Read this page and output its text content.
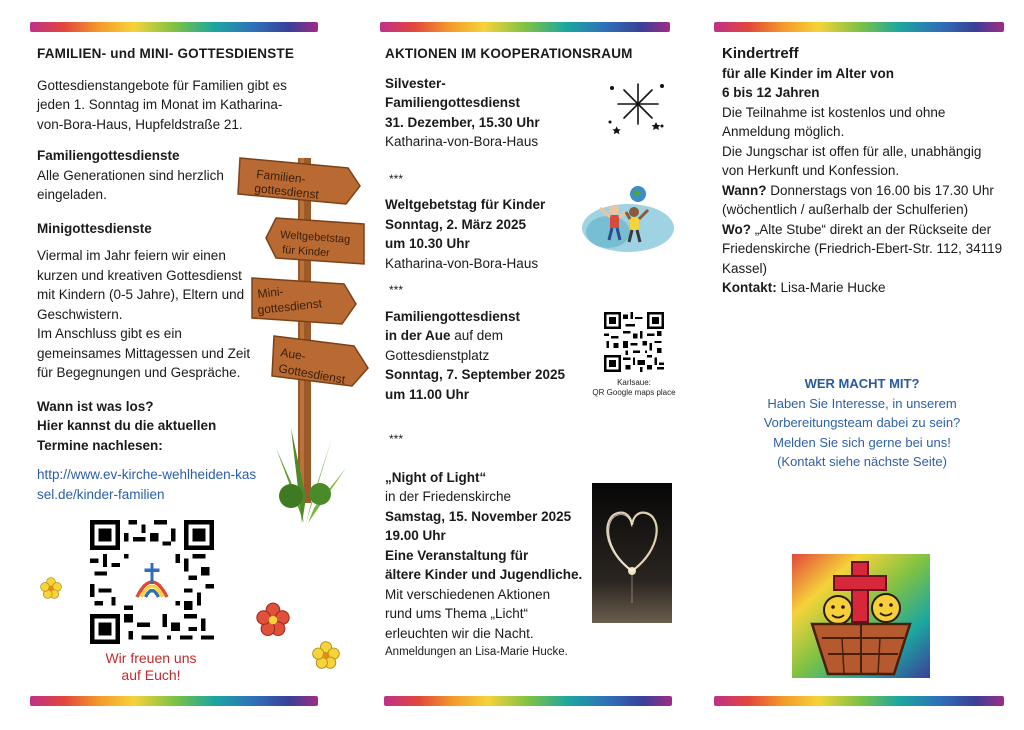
FAMILIEN- und MINI- GOTTESDIENSTE
Gottesdienstangebote für Familien gibt es jeden 1. Sonntag im Monat im Katharina-von-Bora-Haus, Hupfeldstraße 21.
Familiengottesdienste
Alle Generationen sind herzlich eingeladen.
Minigottesdienste
Viermal im Jahr feiern wir einen kurzen und kreativen Gottesdienst mit Kindern (0-5 Jahre), Eltern und Geschwistern.
Im Anschluss gibt es ein gemeinsames Mittagessen und Zeit für Begegnungen und Gespräche.
Wann ist was los?
Hier kannst du die aktuellen
Termine nachlesen:
http://www.ev-kirche-wehlheiden-kassel.de/kinder-familien
Familien-
gottesdienst
Weltgebetstag
für Kinder
Mini-
gottesdienst
Aue-
Gottesdienst
Wir freuen uns
auf Euch!
AKTIONEN IM KOOPERATIONSRAUM
Silvester-
Familiengottesdienst
31. Dezember, 15.30 Uhr
Katharina-von-Bora-Haus
***
Weltgebetstag für Kinder
Sonntag, 2. März 2025
um 10.30 Uhr
Katharina-von-Bora-Haus
***
Familiengottesdienst
in der Aue auf dem
Gottesdienstplatz
Sonntag, 7. September 2025
um 11.00 Uhr
***
„Night of Light“
in der Friedenskirche
Samstag, 15. November 2025
19.00 Uhr
Eine Veranstaltung für
ältere Kinder und Jugendliche.
Mit verschiedenen Aktionen
rund ums Thema „Licht“
erleuchten wir die Nacht.
Anmeldungen an Lisa-Marie Hucke.
Karlsaue:
QR Google maps place
Kindertreff
für alle Kinder im Alter von
6 bis 12 Jahren
Die Teilnahme ist kostenlos und ohne Anmeldung möglich.
Die Jungschar ist offen für alle, unabhängig von Herkunft und Konfession.
Wann? Donnerstags von 16.00 bis 17.30 Uhr (wöchentlich / außerhalb der Schulferien)
Wo? „Alte Stube“ direkt an der Rückseite der Friedenskirche (Friedrich-Ebert-Str. 112, 34119 Kassel)
Kontakt: Lisa-Marie Hucke
WER MACHT MIT?
Haben Sie Interesse, in unserem
Vorbereitungsteam dabei zu sein?
Melden Sie sich gerne bei uns!
(Kontakt siehe nächste Seite)
